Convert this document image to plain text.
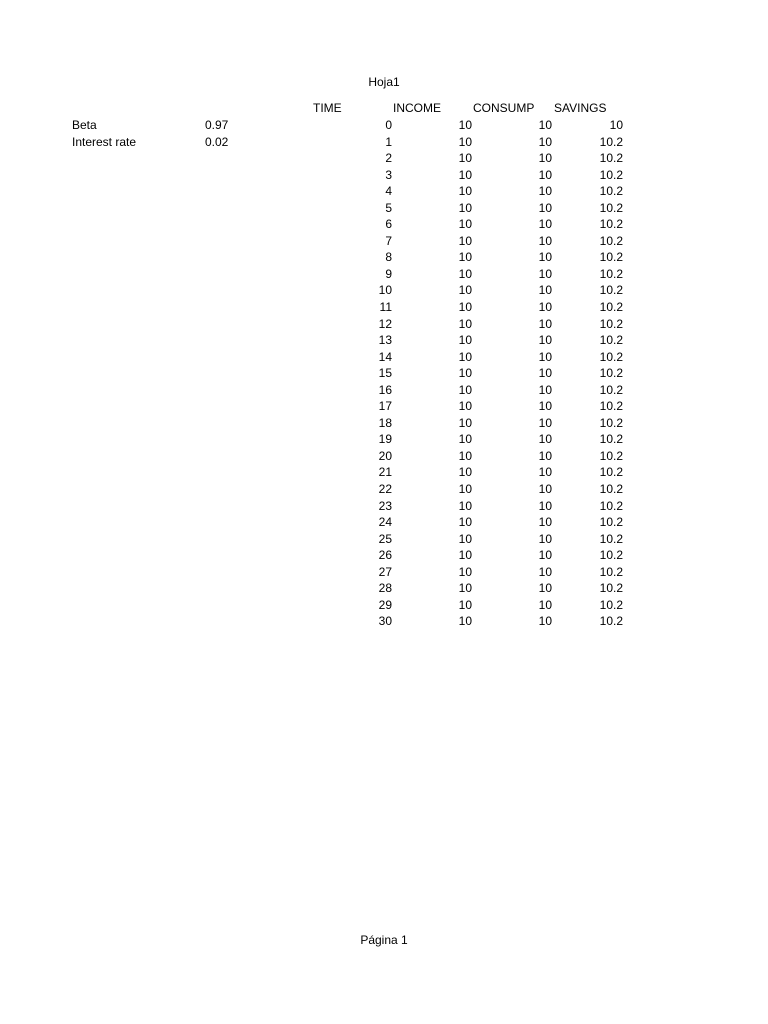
Hoja1
Beta	0.97
Interest rate	0.02
TIME	INCOME	CONSUMP SAVINGS
0	10	10	10
1	10	10	10.2
2	10	10	10.2
3	10	10	10.2
4	10	10	10.2
5	10	10	10.2
6	10	10	10.2
7	10	10	10.2
8	10	10	10.2
9	10	10	10.2
10	10	10	10.2
11	10	10	10.2
12	10	10	10.2
13	10	10	10.2
14	10	10	10.2
15	10	10	10.2
16	10	10	10.2
17	10	10	10.2
18	10	10	10.2
19	10	10	10.2
20	10	10	10.2
21	10	10	10.2
22	10	10	10.2
23	10	10	10.2
24	10	10	10.2
25	10	10	10.2
26	10	10	10.2
27	10	10	10.2
28	10	10	10.2
29	10	10	10.2
30	10	10	10.2
Página 1
